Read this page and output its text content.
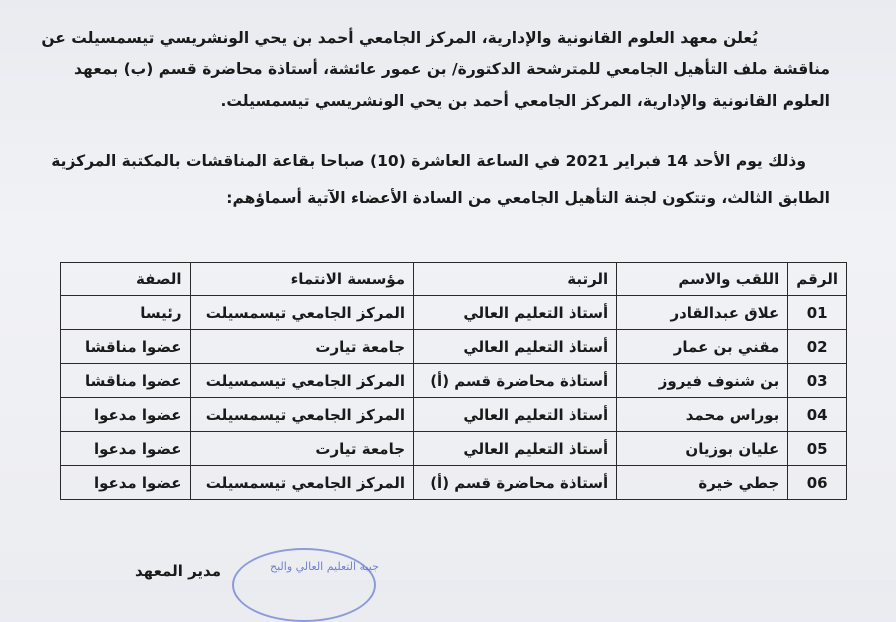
يُعلن معهد العلوم القانونية والإدارية، المركز الجامعي أحمد بن يحي الونشريسي تيسمسيلت عن
مناقشة ملف التأهيل الجامعي للمترشحة الدكتورة/ بن عمور عائشة، أستاذة محاضرة قسم (ب) بمعهد
العلوم القانونية والإدارية، المركز الجامعي أحمد بن يحي الونشريسي تيسمسيلت.
وذلك يوم الأحد 14 فبراير 2021 في الساعة العاشرة (10) صباحا بقاعة المناقشات بالمكتبة المركزية
الطابق الثالث، وتتكون لجنة التأهيل الجامعي من السادة الأعضاء الآتية أسماؤهم:
الرقم	اللقب والاسم	الرتبة	مؤسسة الانتماء	الصفة
01	علاق عبدالقادر	أستاذ التعليم العالي	المركز الجامعي تيسمسيلت	رئيسا
02	مقني بن عمار	أستاذ التعليم العالي	جامعة تيارت	عضوا مناقشا
03	بن شنوف فيروز	أستاذة محاضرة قسم (أ)	المركز الجامعي تيسمسيلت	عضوا مناقشا
04	بوراس محمد	أستاذ التعليم العالي	المركز الجامعي تيسمسيلت	عضوا مدعوا
05	عليان بوزيان	أستاذ التعليم العالي	جامعة تيارت	عضوا مدعوا
06	جطي خيرة	أستاذة محاضرة قسم (أ)	المركز الجامعي تيسمسيلت	عضوا مدعوا
جيبة التعليم العالي والبح
مدير المعهد
